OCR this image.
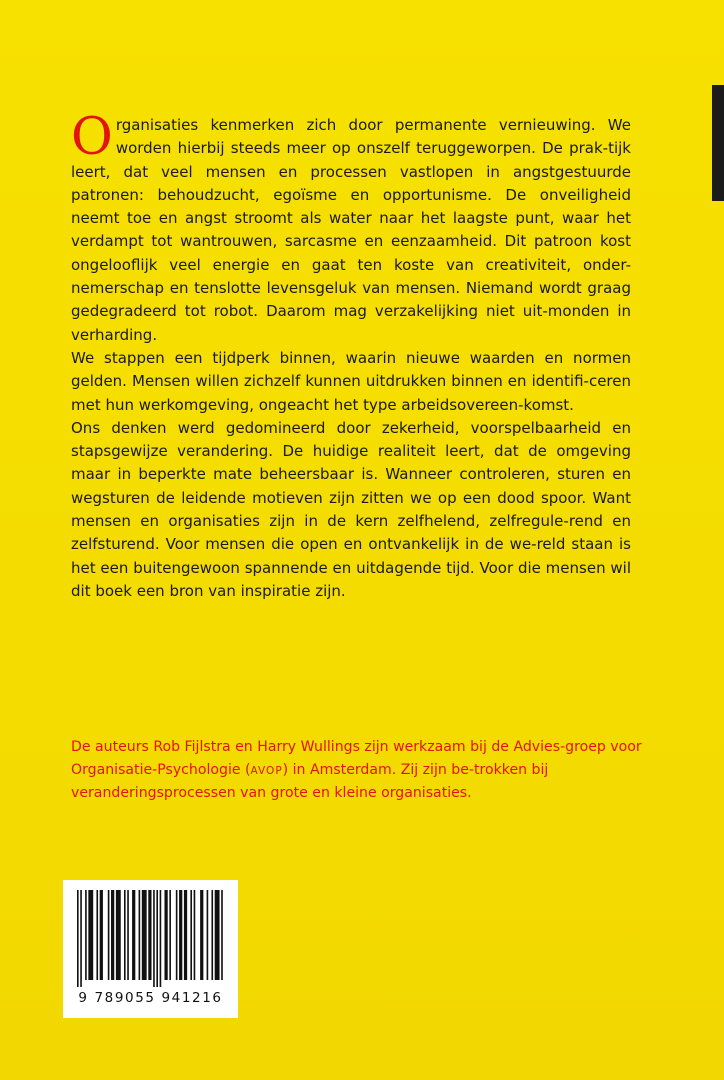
Organisaties kenmerken zich door permanente vernieuwing. We worden hierbij steeds meer op onszelf teruggeworpen. De prak-tijk leert, dat veel mensen en processen vastlopen in angstgestuurde patronen: behoudzucht, egoïsme en opportunisme. De onveiligheid neemt toe en angst stroomt als water naar het laagste punt, waar het verdampt tot wantrouwen, sarcasme en eenzaamheid. Dit patroon kost ongelooflijk veel energie en gaat ten koste van creativiteit, onder-nemerschap en tenslotte levensgeluk van mensen. Niemand wordt graag gedegradeerd tot robot. Daarom mag verzakelijking niet uit-monden in verharding.

We stappen een tijdperk binnen, waarin nieuwe waarden en normen gelden. Mensen willen zichzelf kunnen uitdrukken binnen en identifi-ceren met hun werkomgeving, ongeacht het type arbeidsovereen-komst.

Ons denken werd gedomineerd door zekerheid, voorspelbaarheid en stapsgewijze verandering. De huidige realiteit leert, dat de omgeving maar in beperkte mate beheersbaar is. Wanneer controleren, sturen en wegsturen de leidende motieven zijn zitten we op een dood spoor. Want mensen en organisaties zijn in de kern zelfhelend, zelfregule-rend en zelfsturend. Voor mensen die open en ontvankelijk in de we-reld staan is het een buitengewoon spannende en uitdagende tijd. Voor die mensen wil dit boek een bron van inspiratie zijn.

De auteurs Rob Fijlstra en Harry Wullings zijn werkzaam bij de Advies-groep voor Organisatie-Psychologie (AVOP) in Amsterdam. Zij zijn be-trokken bij veranderingsprocessen van grote en kleine organisaties.

9 789055 941216
